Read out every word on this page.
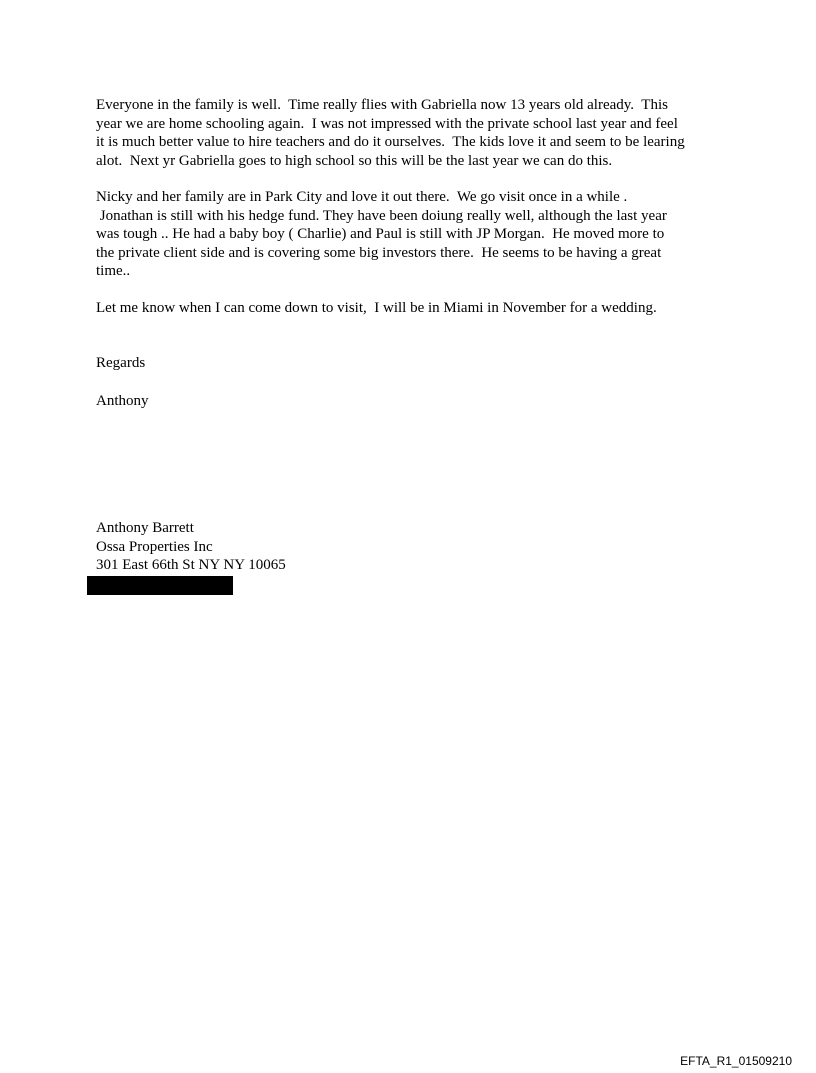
Everyone in the family is well.  Time really flies with Gabriella now 13 years old already.  This
year we are home schooling again.  I was not impressed with the private school last year and feel
it is much better value to hire teachers and do it ourselves.  The kids love it and seem to be learing
alot.  Next yr Gabriella goes to high school so this will be the last year we can do this.

Nicky and her family are in Park City and love it out there.  We go visit once in a while .
Jonathan is still with his hedge fund. They have been doiung really well, although the last year
was tough .. He had a baby boy ( Charlie) and Paul is still with JP Morgan.  He moved more to
the private client side and is covering some big investors there.  He seems to be having a great
time..

Let me know when I can come down to visit,  I will be in Miami in November for a wedding.

Regards

Anthony

Anthony Barrett
Ossa Properties Inc
301 East 66th St NY NY 10065

EFTA_R1_01509210
